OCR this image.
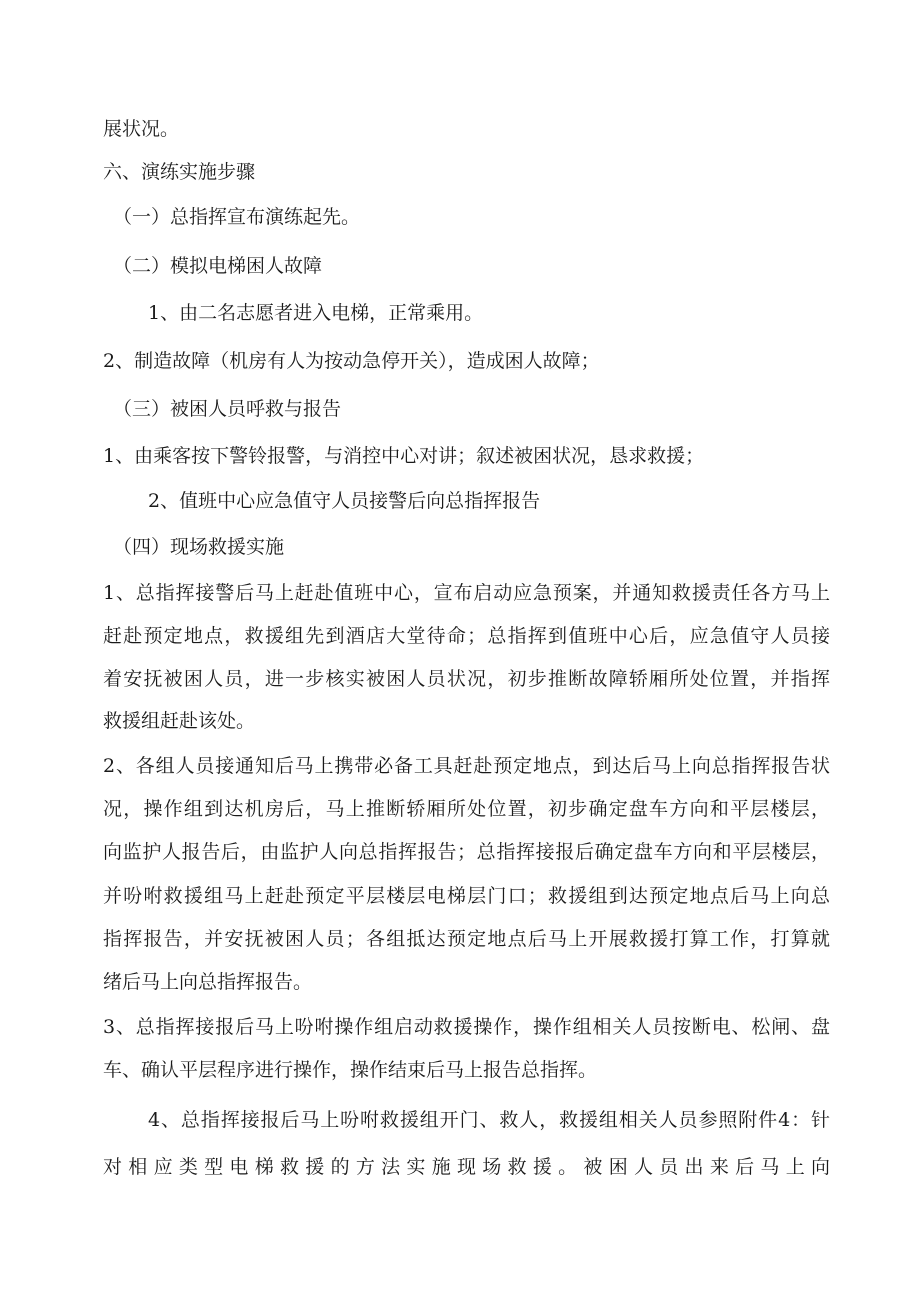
展状况。
六、演练实施步骤
（一）总指挥宣布演练起先。
（二）模拟电梯困人故障
1、由二名志愿者进入电梯，正常乘用。
2、制造故障（机房有人为按动急停开关），造成困人故障；
（三）被困人员呼救与报告
1、由乘客按下警铃报警，与消控中心对讲；叙述被困状况，恳求救援；
2、值班中心应急值守人员接警后向总指挥报告
（四）现场救援实施
1、总指挥接警后马上赶赴值班中心，宣布启动应急预案，并通知救援责任各方马上
赶赴预定地点，救援组先到酒店大堂待命；总指挥到值班中心后，应急值守人员接
着安抚被困人员，进一步核实被困人员状况，初步推断故障轿厢所处位置，并指挥
救援组赶赴该处。
2、各组人员接通知后马上携带必备工具赶赴预定地点，到达后马上向总指挥报告状
况，操作组到达机房后，马上推断轿厢所处位置，初步确定盘车方向和平层楼层，
向监护人报告后，由监护人向总指挥报告；总指挥接报后确定盘车方向和平层楼层，
并吩咐救援组马上赶赴预定平层楼层电梯层门口；救援组到达预定地点后马上向总
指挥报告，并安抚被困人员；各组抵达预定地点后马上开展救援打算工作，打算就
绪后马上向总指挥报告。
3、总指挥接报后马上吩咐操作组启动救援操作，操作组相关人员按断电、松闸、盘
车、确认平层程序进行操作，操作结束后马上报告总指挥。
4、总指挥接报后马上吩咐救援组开门、救人，救援组相关人员参照附件4：针
对相应类型电梯救援的方法实施现场救援。被困人员出来后马上向
